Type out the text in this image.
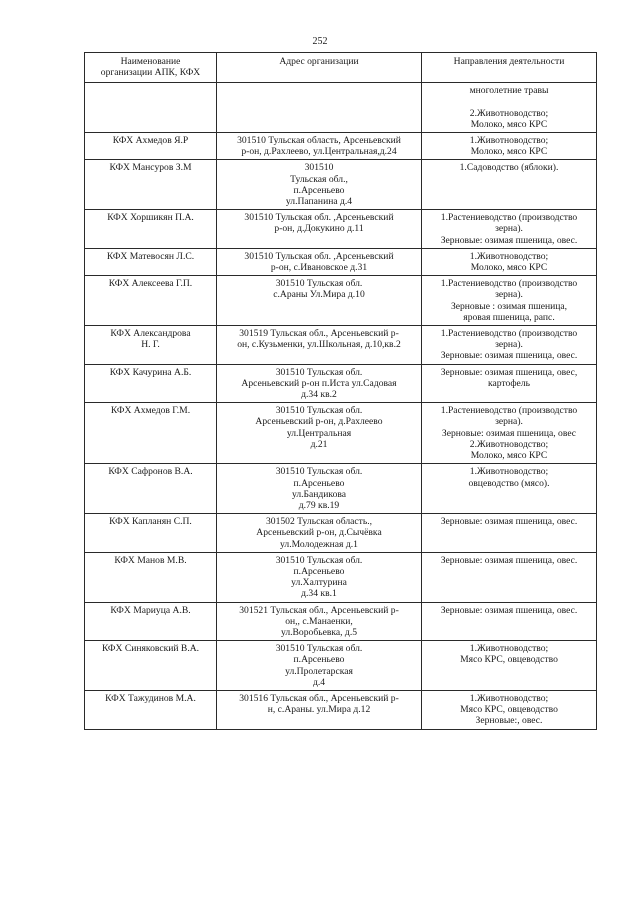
252
Наименование
организации АПК, КФХ	Адрес организации	Направления деятельности

		многолетние травы
2.Животноводство;
Молоко, мясо КРС

КФХ Ахмедов Я.Р	301510 Тульская область, Арсеньевский
р-он, д.Рахлеево, ул.Центральная,д.24	1.Животноводство;
Молоко, мясо КРС

КФХ Мансуров З.М	301510
Тульская обл.,
п.Арсеньево
ул.Папанина д.4	1.Садоводство (яблоки).

КФХ Хоршикян П.А.	301510 Тульская обл. ,Арсеньевский
р-он, д.Докукино д.11	1.Растениеводство (производство
зерна).
Зерновые: озимая пшеница, овес.

КФХ Матевосян Л.С.	301510 Тульская обл. ,Арсеньевский
р-он, с.Ивановское д.31	1.Животноводство;
Молоко, мясо КРС

КФХ Алексеева Г.П.	301510 Тульская обл.
с.Араны Ул.Мира д.10	1.Растениеводство (производство
зерна).
Зерновые : озимая пшеница,
яровая пшеница, рапс.

КФХ Александрова
Н. Г.	301519 Тульская обл., Арсеньевский р-
он, с.Кузьменки, ул.Школьная, д.10,кв.2	1.Растениеводство (производство
зерна).
Зерновые: озимая пшеница, овес.

КФХ Качурина А.Б.	301510 Тульская обл.
Арсеньевский р-он п.Иста ул.Садовая
д.34 кв.2	Зерновые: озимая пшеница, овес,
картофель

КФХ Ахмедов Г.М.	301510 Тульская обл.
Арсеньевский р-он, д.Рахлеево
ул.Центральная
д.21	1.Растениеводство (производство
зерна).
Зерновые: озимая пшеница, овес
2.Животноводство;
Молоко, мясо КРС

КФХ Сафронов В.А.	301510 Тульская обл.
п.Арсеньево
ул.Бандикова
д.79 кв.19	1.Животноводство;
овцеводство (мясо).

КФХ Капланян С.П.	301502 Тульская область.,
Арсеньевский р-он, д.Сычёвка
ул.Молодежная д.1	Зерновые: озимая пшеница, овес.

КФХ Манов М.В.	301510 Тульская обл.
п.Арсеньево
ул.Халтурина
д.34 кв.1	Зерновые: озимая пшеница, овес.

КФХ Мариуца А.В.	301521 Тульская обл., Арсеньевский р-
он,, с.Манаенки,
ул.Воробьевка, д.5	Зерновые: озимая пшеница, овес.

КФХ Синяковский В.А.	301510 Тульская обл.
п.Арсеньево
ул.Пролетарская
д.4	1.Животноводство;
Мясо КРС, овцеводство

КФХ Тажудинов М.А.	301516 Тульская обл., Арсеньевский р-
н, с.Араны. ул.Мира д.12	1.Животноводство;
Мясо КРС, овцеводство
Зерновые:, овес.
